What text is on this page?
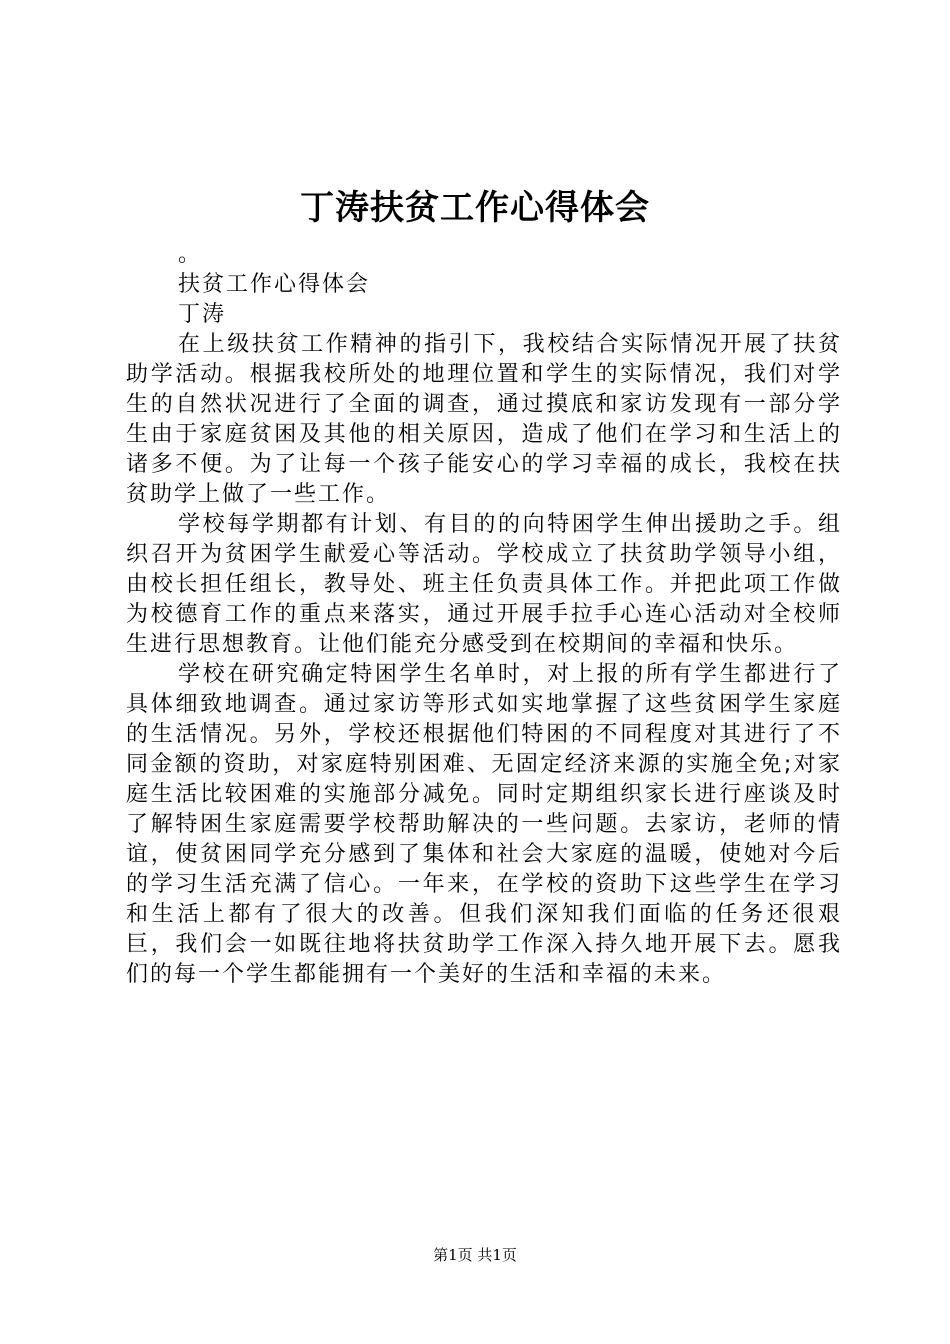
丁涛扶贫工作心得体会

。

扶贫工作心得体会

丁涛

在上级扶贫工作精神的指引下，我校结合实际情况开展了扶贫助学活动。根据我校所处的地理位置和学生的实际情况，我们对学生的自然状况进行了全面的调查，通过摸底和家访发现有一部分学生由于家庭贫困及其他的相关原因，造成了他们在学习和生活上的诸多不便。为了让每一个孩子能安心的学习幸福的成长，我校在扶贫助学上做了一些工作。

学校每学期都有计划、有目的的向特困学生伸出援助之手。组织召开为贫困学生献爱心等活动。学校成立了扶贫助学领导小组，由校长担任组长，教导处、班主任负责具体工作。并把此项工作做为校德育工作的重点来落实，通过开展手拉手心连心活动对全校师生进行思想教育。让他们能充分感受到在校期间的幸福和快乐。

学校在研究确定特困学生名单时，对上报的所有学生都进行了具体细致地调查。通过家访等形式如实地掌握了这些贫困学生家庭的生活情况。另外，学校还根据他们特困的不同程度对其进行了不同金额的资助，对家庭特别困难、无固定经济来源的实施全免;对家庭生活比较困难的实施部分减免。同时定期组织家长进行座谈及时了解特困生家庭需要学校帮助解决的一些问题。去家访，老师的情谊，使贫困同学充分感到了集体和社会大家庭的温暖，使她对今后的学习生活充满了信心。一年来，在学校的资助下这些学生在学习和生活上都有了很大的改善。但我们深知我们面临的任务还很艰巨，我们会一如既往地将扶贫助学工作深入持久地开展下去。愿我们的每一个学生都能拥有一个美好的生活和幸福的未来。

第1页 共1页
